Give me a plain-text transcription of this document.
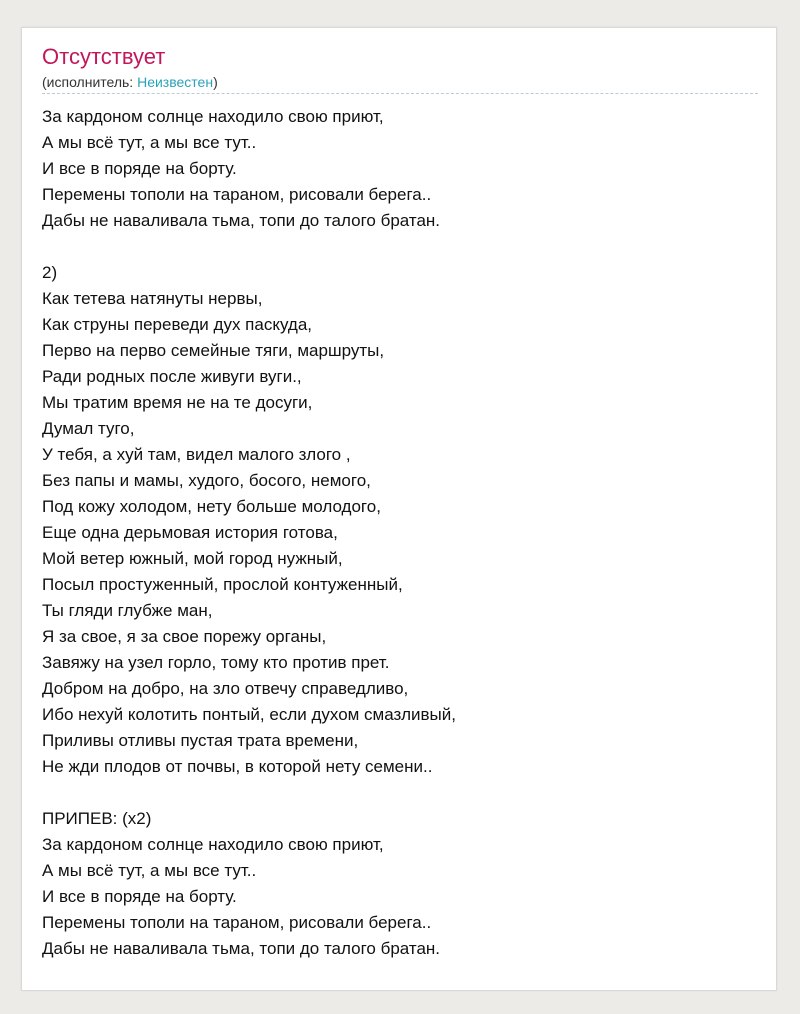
Отсутствует
(исполнитель: Неизвестен)
За кардоном солнце находило свою приют,
А мы всё тут, а мы все тут..
И все в поряде на борту.
Перемены тополи на тараном, рисовали берега..
Дабы не наваливала тьма, топи до талого братан.
2)
Как тетева натянуты нервы,
Как струны переведи дух паскуда,
Перво на перво семейные тяги, маршруты,
Ради родных после живуги вуги.,
Мы тратим время не на те досуги,
Думал туго,
У тебя, а хуй там, видел малого злого ,
Без папы и мамы, худого, босого, немого,
Под кожу холодом, нету больше молодого,
Еще одна дерьмовая история готова,
Мой ветер южный, мой город нужный,
Посыл простуженный, прослой контуженный,
Ты гляди глубже ман,
Я за свое, я за свое порежу органы,
Завяжу на узел горло, тому кто против прет.
Добром на добро, на зло отвечу справедливо,
Ибо нехуй колотить понтый, если духом смазливый,
Приливы отливы пустая трата времени,
Не жди плодов от почвы, в которой нету семени..
ПРИПЕВ: (x2)
За кардоном солнце находило свою приют,
А мы всё тут, а мы все тут..
И все в поряде на борту.
Перемены тополи на тараном, рисовали берега..
Дабы не наваливала тьма, топи до талого братан.
